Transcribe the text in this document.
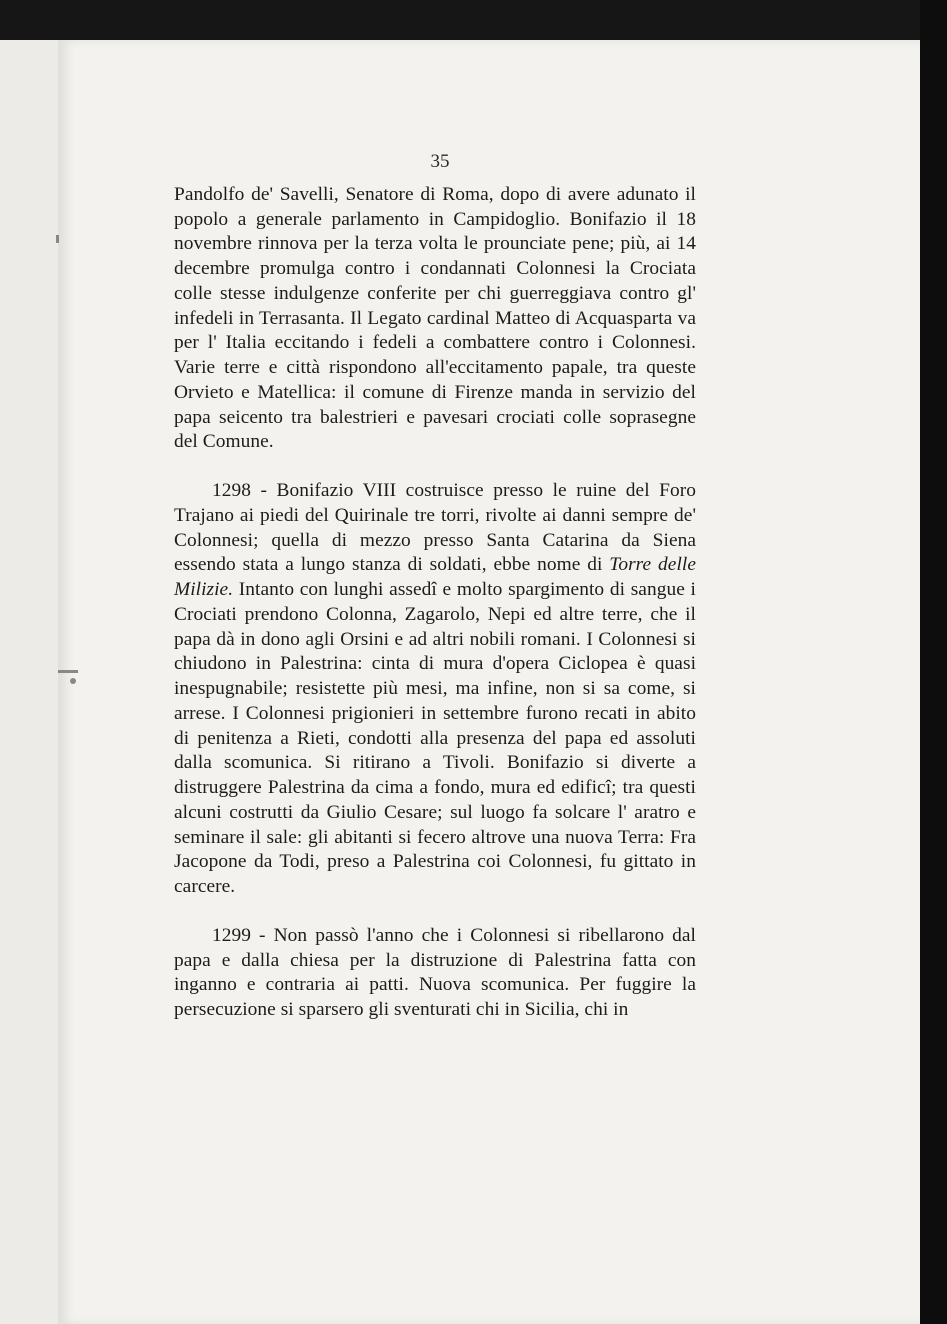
35

Pandolfo de' Savelli, Senatore di Roma, dopo di avere adunato il popolo a generale parlamento in Campidoglio. Bonifazio il 18 novembre rinnova per la terza volta le prounciate pene; più, ai 14 decembre promulga contro i condannati Colonnesi la Crociata colle stesse indulgenze conferite per chi guerreggiava contro gl' infedeli in Terrasanta. Il Legato cardinal Matteo di Acquasparta va per l' Italia eccitando i fedeli a combattere contro i Colonnesi. Varie terre e città rispondono all'eccitamento papale, tra queste Orvieto e Matellica: il comune di Firenze manda in servizio del papa seicento tra balestrieri e pavesari crociati colle soprasegne del Comune.

1298 - Bonifazio VIII costruisce presso le ruine del Foro Trajano ai piedi del Quirinale tre torri, rivolte ai danni sempre de' Colonnesi; quella di mezzo presso Santa Catarina da Siena essendo stata a lungo stanza di soldati, ebbe nome di Torre delle Milizie. Intanto con lunghi assedî e molto spargimento di sangue i Crociati prendono Colonna, Zagarolo, Nepi ed altre terre, che il papa dà in dono agli Orsini e ad altri nobili romani. I Colonnesi si chiudono in Palestrina: cinta di mura d'opera Ciclopea è quasi inespugnabile; resistette più mesi, ma infine, non si sa come, si arrese. I Colonnesi prigionieri in settembre furono recati in abito di penitenza a Rieti, condotti alla presenza del papa ed assoluti dalla scomunica. Si ritirano a Tivoli. Bonifazio si diverte a distruggere Palestrina da cima a fondo, mura ed edificî; tra questi alcuni costrutti da Giulio Cesare; sul luogo fa solcare l' aratro e seminare il sale: gli abitanti si fecero altrove una nuova Terra: Fra Jacopone da Todi, preso a Palestrina coi Colonnesi, fu gittato in carcere.

1299 - Non passò l'anno che i Colonnesi si ribellarono dal papa e dalla chiesa per la distruzione di Palestrina fatta con inganno e contraria ai patti. Nuova scomunica. Per fuggire la persecuzione si sparsero gli sventurati chi in Sicilia, chi in
